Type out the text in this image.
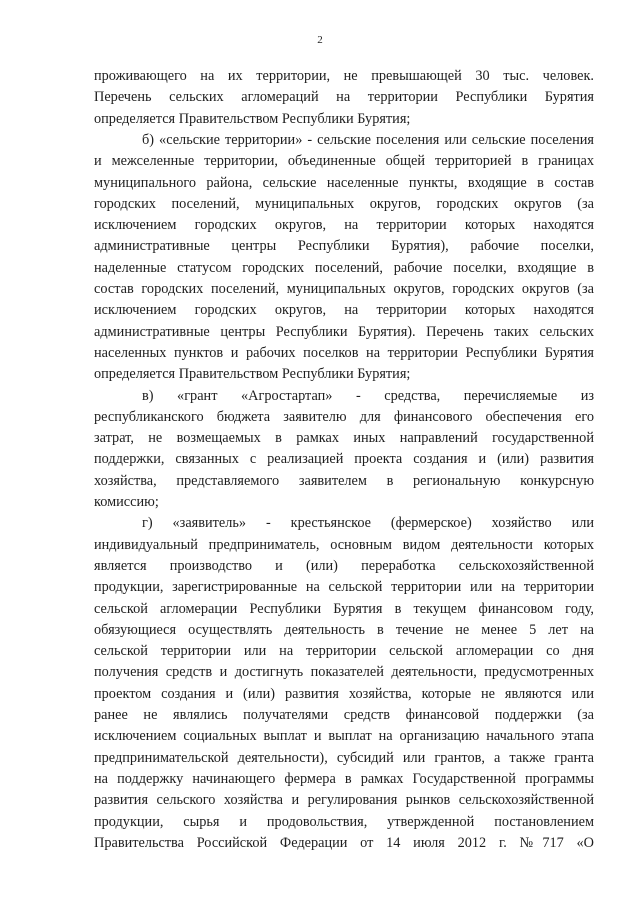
2
проживающего на их территории, не превышающей 30 тыс. человек.
Перечень сельских агломераций на территории Республики Бурятия
определяется Правительством Республики Бурятия;
б) «сельские территории» - сельские поселения или сельские поселения
и межселенные территории, объединенные общей территорией в границах
муниципального района, сельские населенные пункты, входящие в состав
городских поселений, муниципальных округов, городских округов (за
исключением городских округов, на территории которых находятся
административные центры Республики Бурятия), рабочие поселки,
наделенные статусом городских поселений, рабочие поселки, входящие в
состав городских поселений, муниципальных округов, городских округов (за
исключением городских округов, на территории которых находятся
административные центры Республики Бурятия). Перечень таких сельских
населенных пунктов и рабочих поселков на территории Республики Бурятия
определяется Правительством Республики Бурятия;
в) «грант «Агростартап» - средства, перечисляемые из
республиканского бюджета заявителю для финансового обеспечения его
затрат, не возмещаемых в рамках иных направлений государственной
поддержки, связанных с реализацией проекта создания и (или) развития
хозяйства, представляемого заявителем в региональную конкурсную
комиссию;
г) «заявитель» - крестьянское (фермерское) хозяйство или
индивидуальный предприниматель, основным видом деятельности которых
является производство и (или) переработка сельскохозяйственной
продукции, зарегистрированные на сельской территории или на территории
сельской агломерации Республики Бурятия в текущем финансовом году,
обязующиеся осуществлять деятельность в течение не менее 5 лет на
сельской территории или на территории сельской агломерации со дня
получения средств и достигнуть показателей деятельности, предусмотренных
проектом создания и (или) развития хозяйства, которые не являются или
ранее не являлись получателями средств финансовой поддержки (за
исключением социальных выплат и выплат на организацию начального этапа
предпринимательской деятельности), субсидий или грантов, а также гранта
на поддержку начинающего фермера в рамках Государственной программы
развития сельского хозяйства и регулирования рынков сельскохозяйственной
продукции, сырья и продовольствия, утвержденной постановлением
Правительства Российской Федерации от 14 июля 2012 г. №717 «О
